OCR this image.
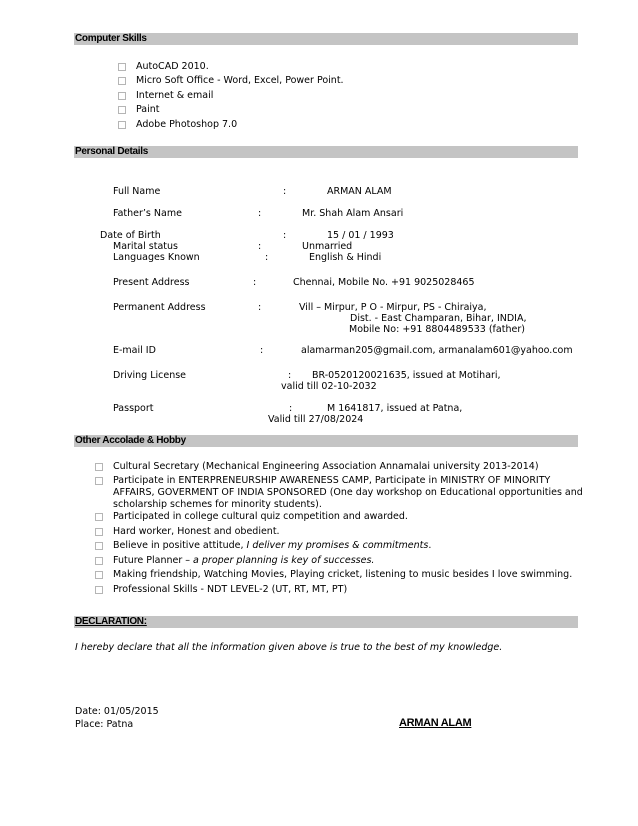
Computer Skills
AutoCAD 2010.
Micro Soft Office - Word, Excel, Power Point.
Internet & email
Paint
Adobe Photoshop 7.0
Personal Details
Full Name	:	ARMAN ALAM
Father’s Name	:	Mr. Shah Alam Ansari
Date of Birth	:	15 / 01 / 1993
Marital status	:	Unmarried
Languages Known	:	English & Hindi
Present Address	:	Chennai, Mobile No. +91 9025028465
Permanent Address	:	Vill – Mirpur, P O - Mirpur, PS - Chiraiya,
Dist. - East Champaran, Bihar, INDIA,
Mobile No: +91 8804489533 (father)
E-mail ID	:	alamarman205@gmail.com, armanalam601@yahoo.com
Driving License	: BR-0520120021635, issued at Motihari,
valid till 02-10-2032
Passport	:	M 1641817, issued at Patna,
Valid till 27/08/2024
Other Accolade & Hobby
Cultural Secretary (Mechanical Engineering Association Annamalai university 2013-2014)
Participate in ENTERPRENEURSHIP AWARENESS CAMP, Participate in MINISTRY OF MINORITY
AFFAIRS, GOVERMENT OF INDIA SPONSORED (One day workshop on Educational opportunities and
scholarship schemes for minority students).
Participated in college cultural quiz competition and awarded.
Hard worker, Honest and obedient.
Believe in positive attitude, I deliver my promises & commitments.
Future Planner – a proper planning is key of successes.
Making friendship, Watching Movies, Playing cricket, listening to music besides I love swimming.
Professional Skills - NDT LEVEL-2 (UT, RT, MT, PT)
DECLARATION:
I hereby declare that all the information given above is true to the best of my knowledge.
Date: 01/05/2015
Place: Patna	ARMAN ALAM
